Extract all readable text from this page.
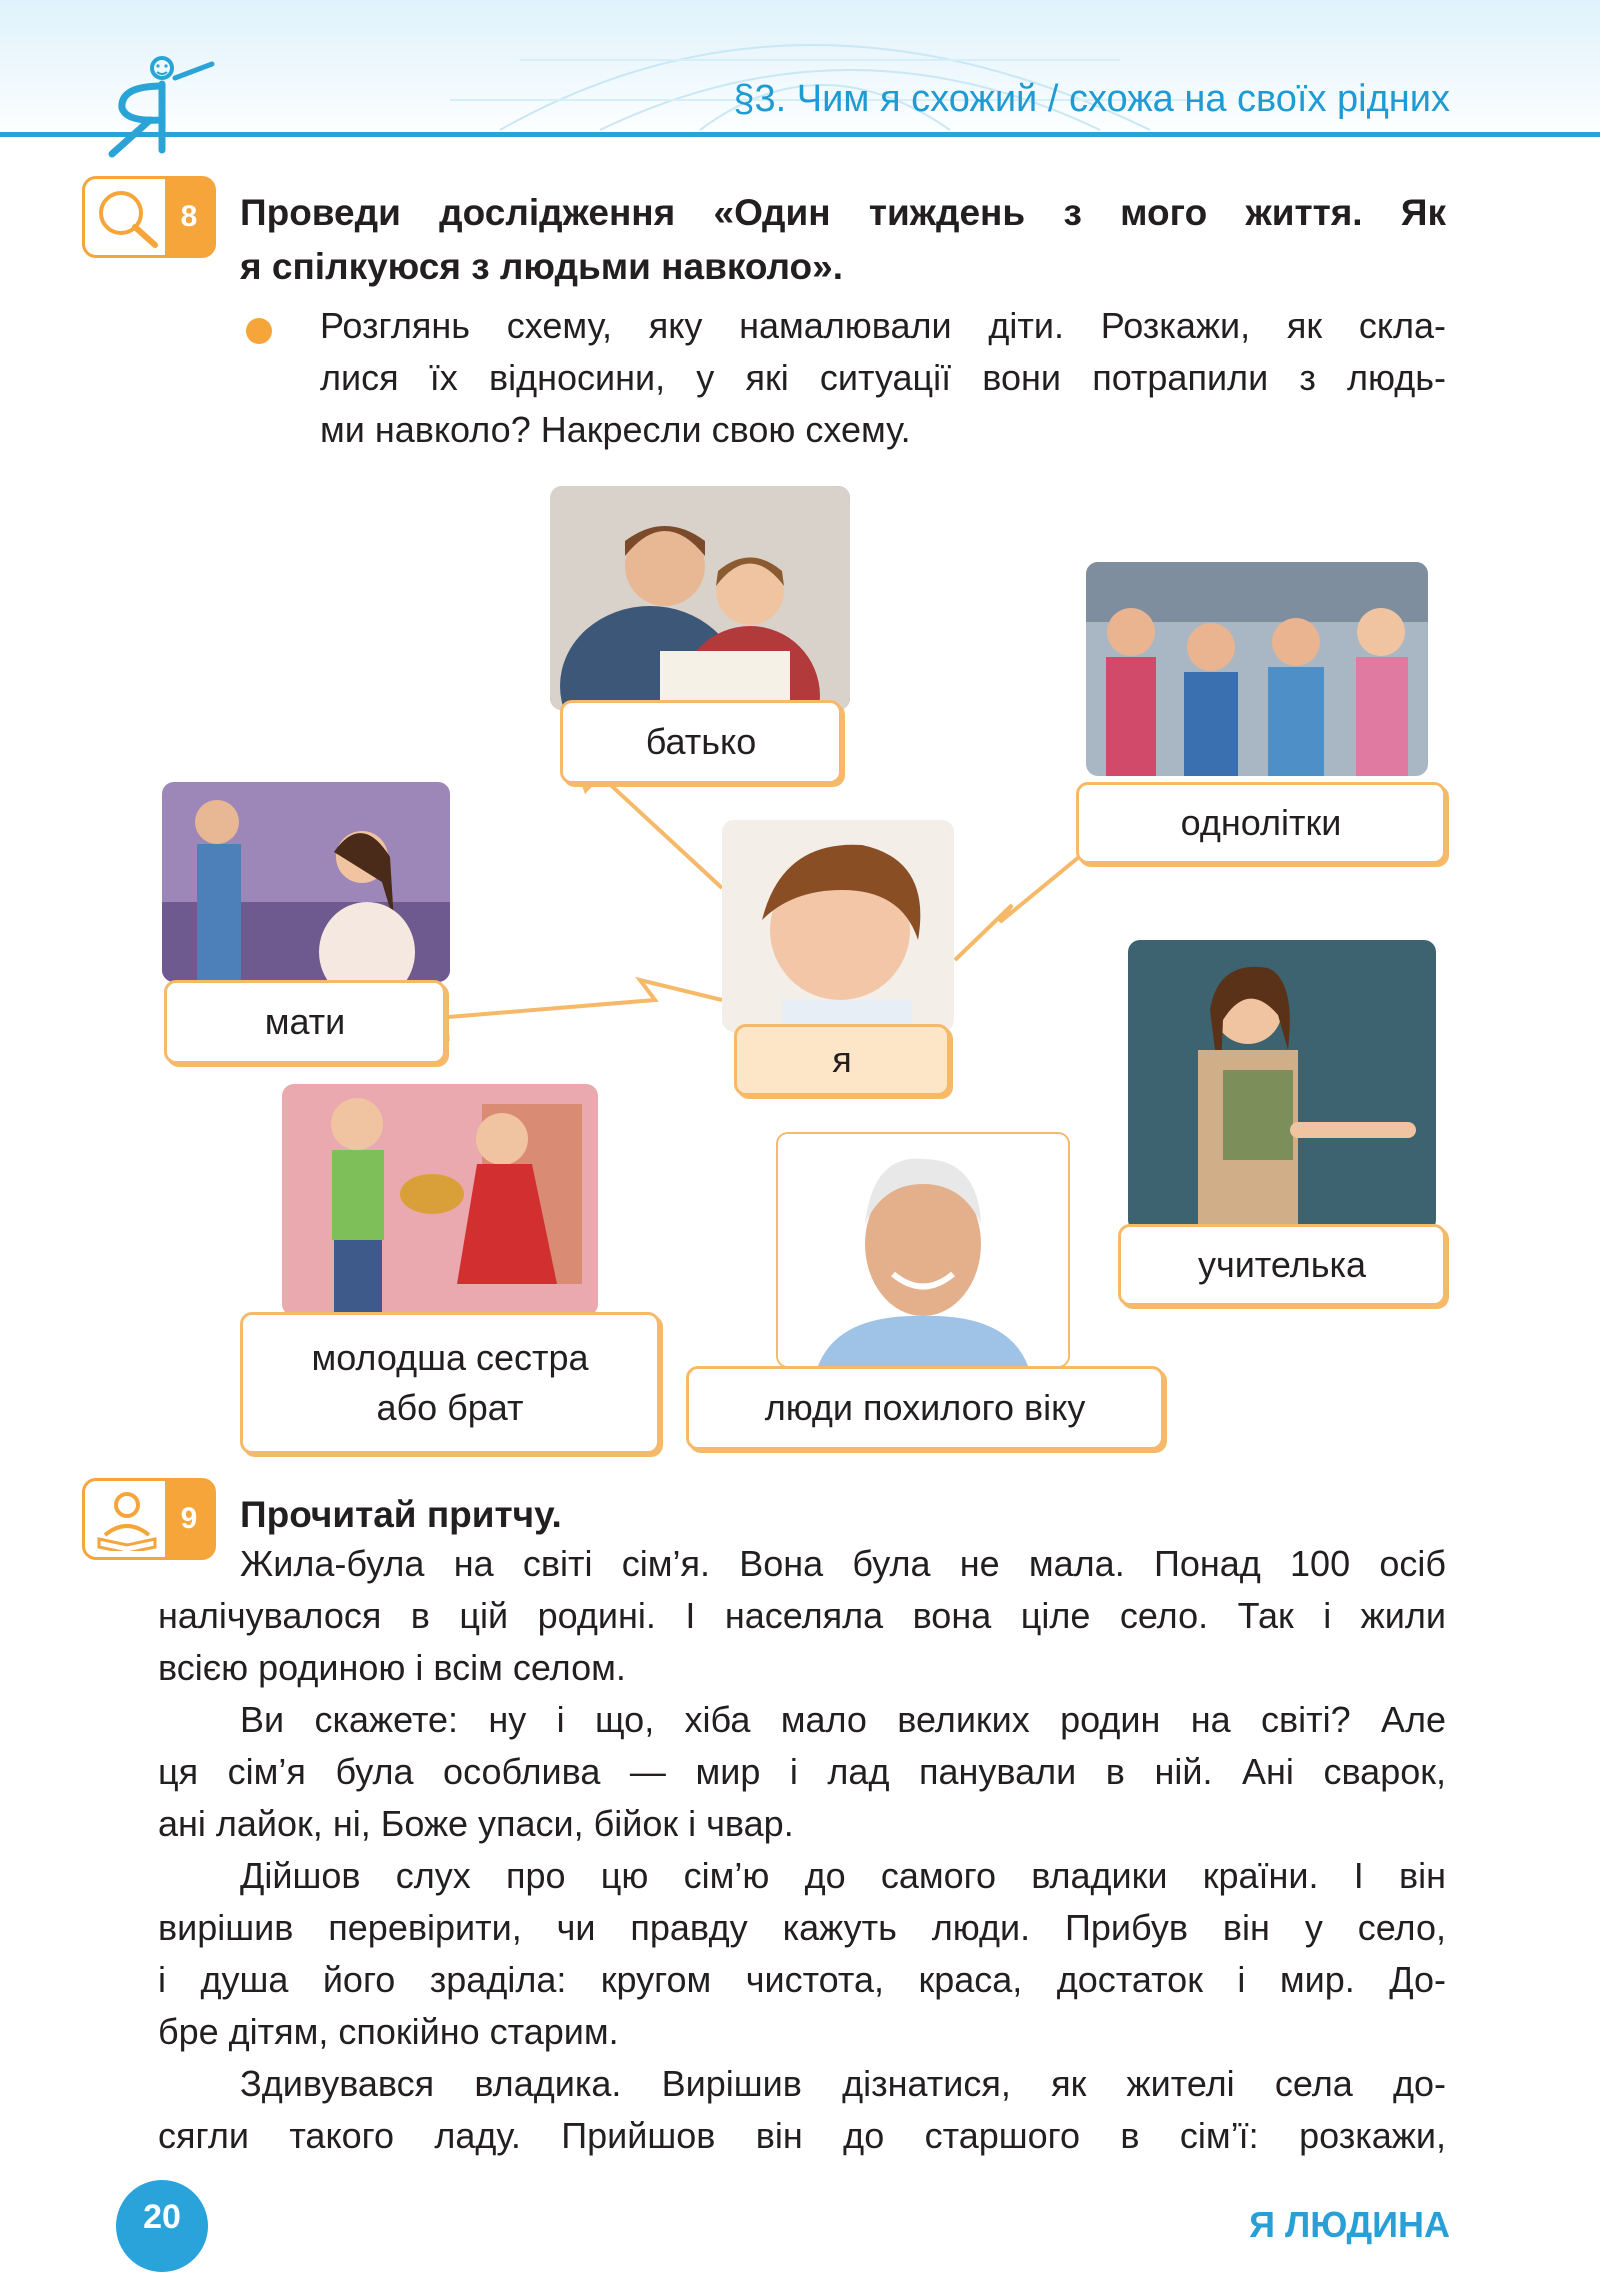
§3. Чим я схожий / схожа на своїх рідних
8	Проведи дослідження «Один тиждень з мого життя. Як
я спілкуюся з людьми навколо».
Розглянь схему, яку намалювали діти. Розкажи, як скла-
лися їх відносини, у які ситуації вони потрапили з людь-
ми навколо? Накресли свою схему.
батько
однолітки
мати
я
учителька
молодша сестра
або брат	люди похилого віку
9	Прочитай притчу.
Жила-була на світі сім’я. Вона була не мала. Понад 100 осіб
налічувалося в цій родині. І населяла вона ціле село. Так і жили
всією родиною і всім селом.
Ви скажете: ну і що, хіба мало великих родин на світі? Але
ця сім’я була особлива — мир і лад панували в ній. Ані сварок,
ані лайок, ні, Боже упаси, бійок і чвар.
Дійшов слух про цю сім’ю до самого владики країни. І він
вирішив перевірити, чи правду кажуть люди. Прибув він у село,
і душа його зраділа: кругом чистота, краса, достаток і мир. До-
бре дітям, спокійно старим.
Здивувався владика. Вирішив дізнатися, як жителі села до-
сягли такого ладу. Прийшов він до старшого в сім’ї: розкажи,
20	Я ЛЮДИНА
